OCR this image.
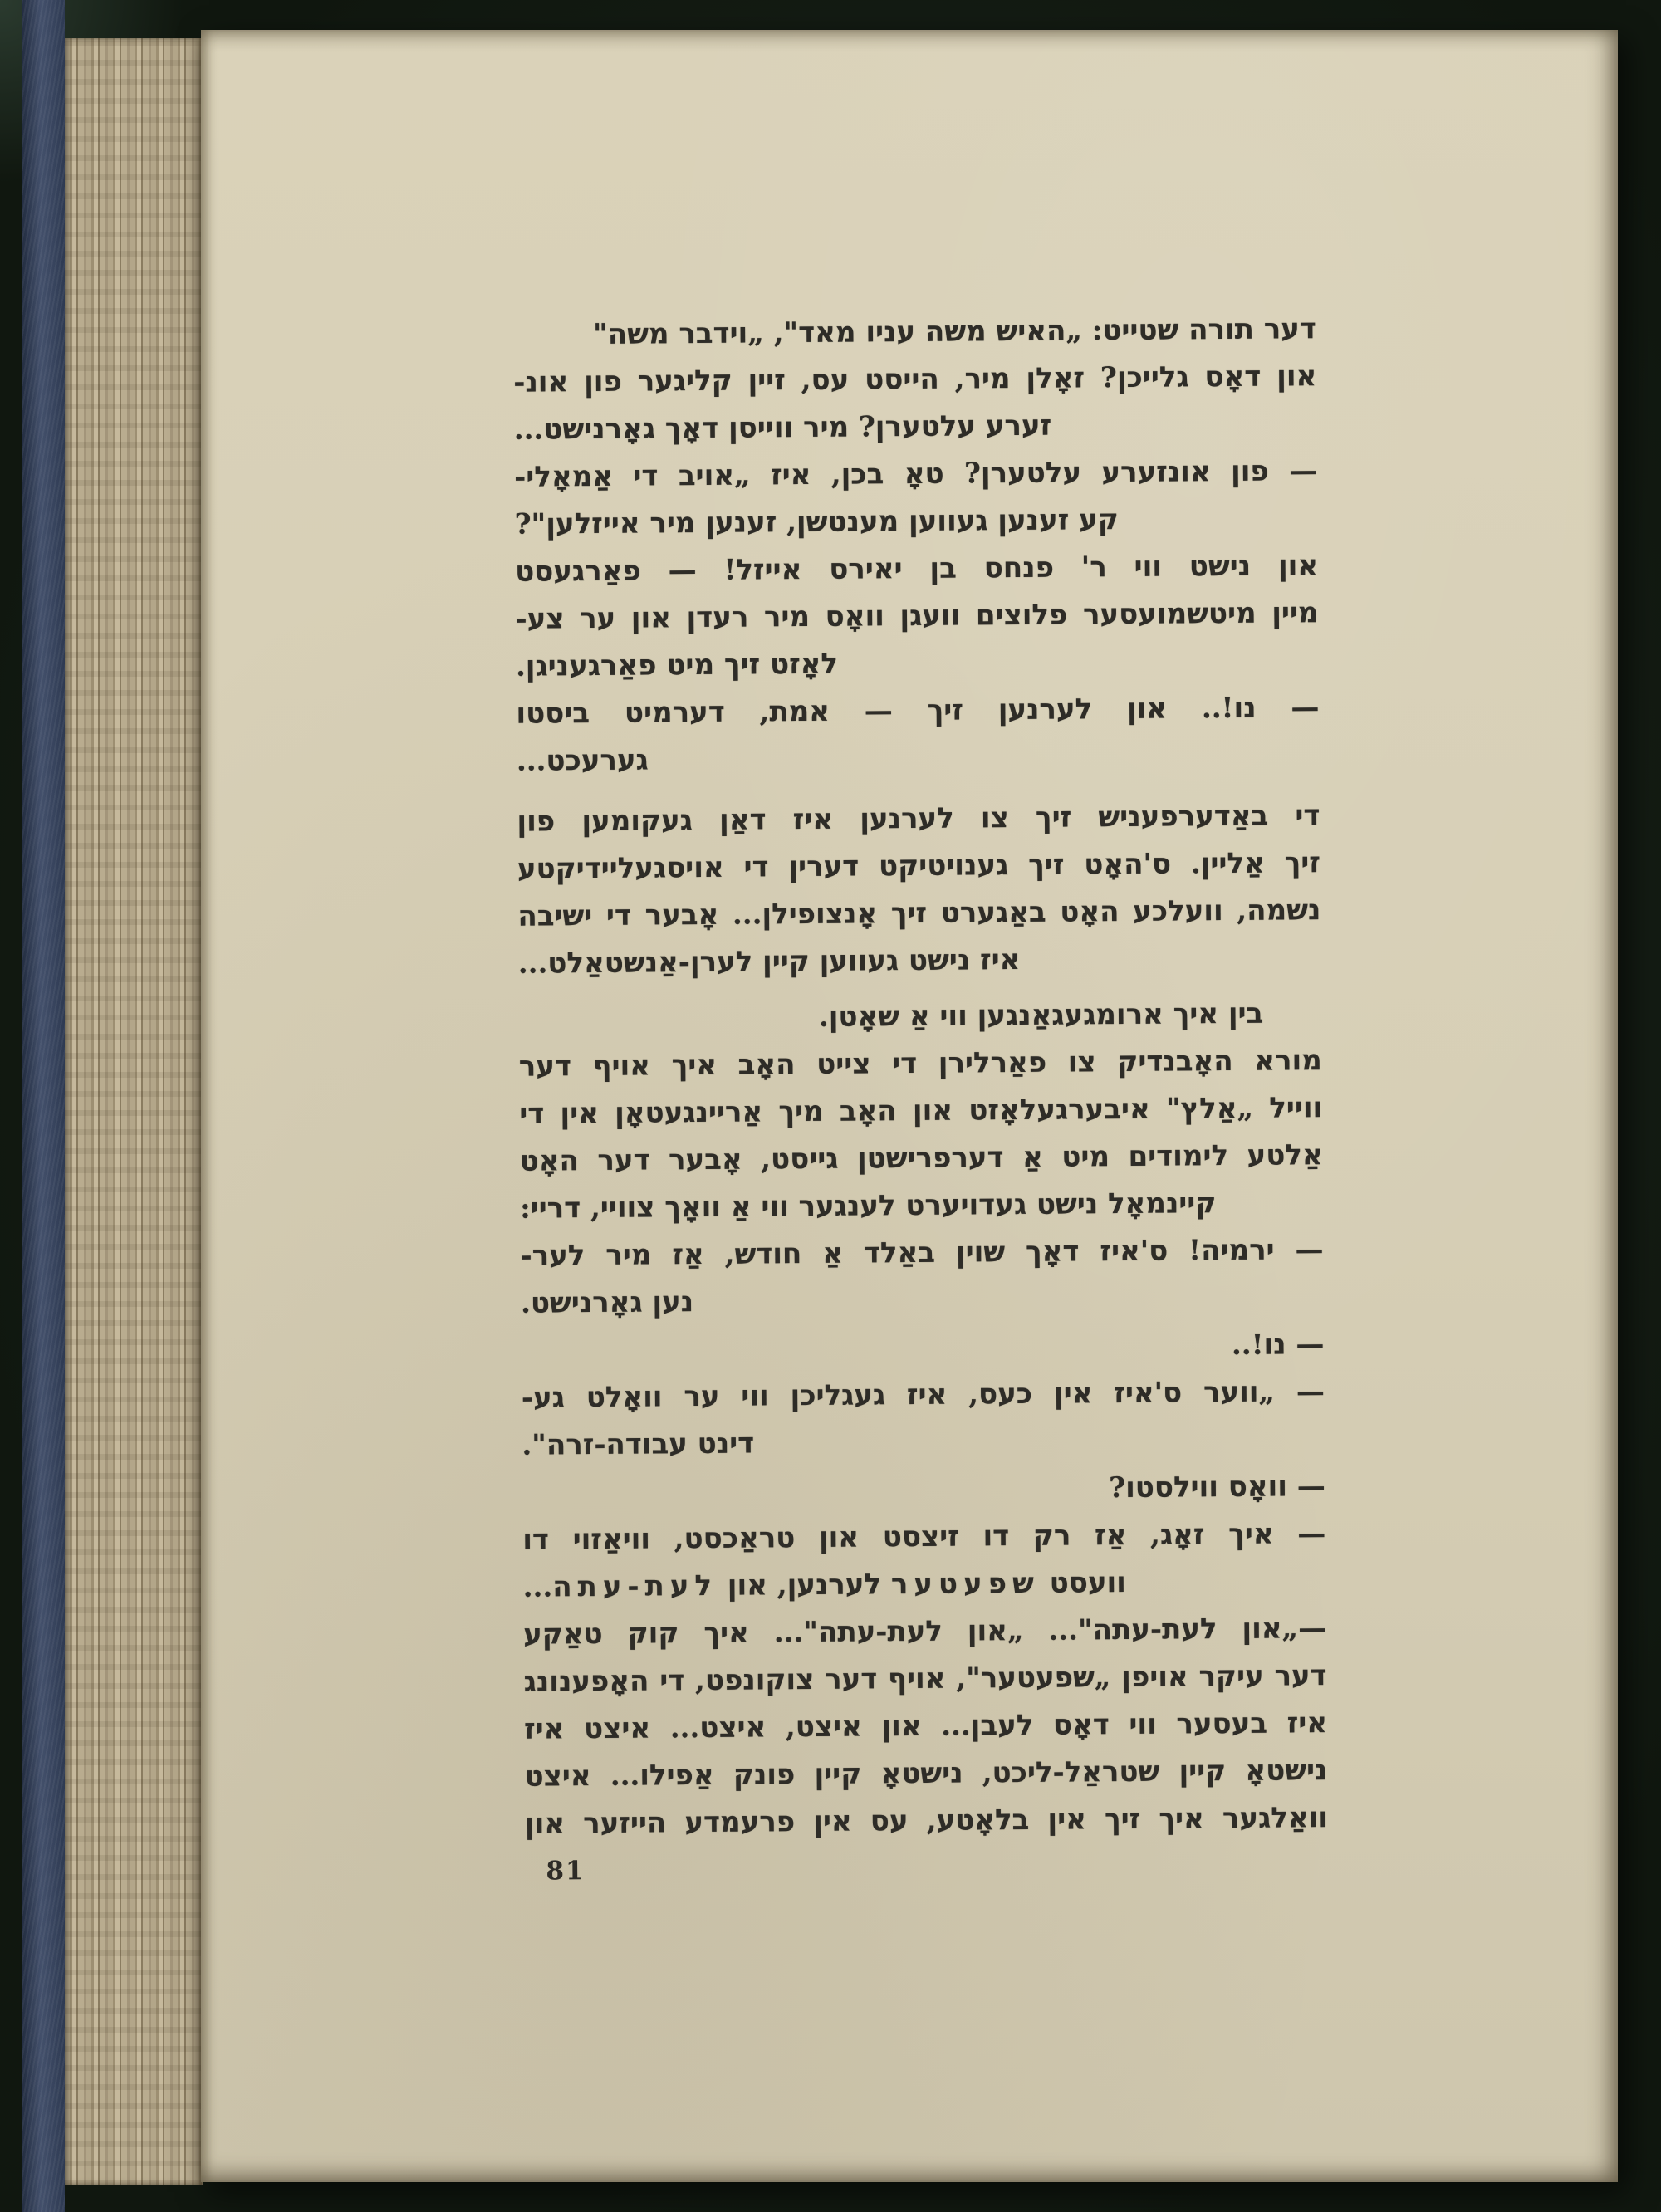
דער תורה שטייט: „האיש משה עניו מאד", „וידבר משה"
און דאָס גלייכן? זאָלן מיר, הייסט עס, זיין קליגער פון אונ-
זערע עלטערן? מיר ווייסן דאָך גאָרנישט...
— פון אונזערע עלטערן? טאָ בכן, איז „אויב די אַמאָלי-
קע זענען געווען מענטשן, זענען מיר אייזלען"?
און נישט ווי ר' פנחס בן יאירס אייזל! — פאַרגעסט
מיין מיטשמועסער פלוצים וועגן וואָס מיר רעדן און ער צע-
לאָזט זיך מיט פאַרגעניגן.
— נו!.. און לערנען זיך — אמת, דערמיט ביסטו
גערעכט...
די באַדערפעניש זיך צו לערנען איז דאַן געקומען פון
זיך אַליין. ס'האָט זיך גענויטיקט דערין די אויסגעליידיקטע
נשמה, וועלכע האָט באַגערט זיך אָנצופילן... אָבער די ישיבה
איז נישט געווען קיין לערן-אַנשטאַלט...
בין איך ארומגעגאַנגען ווי אַ שאָטן.
מורא האָבנדיק צו פאַרלירן די צייט האָב איך אויף דער
ווייל „אַלץ" איבערגעלאָזט און האָב מיך אַריינגעטאָן אין די
אַלטע לימודים מיט אַ דערפרישטן גייסט, אָבער דער האָט
קיינמאָל נישט געדויערט לענגער ווי אַ וואָך צוויי, דריי:
— ירמיה! ס'איז דאָך שוין באַלד אַ חודש, אַז מיר לער-
נען גאָרנישט.
— נו!..
— „ווער ס'איז אין כעס, איז געגליכן ווי ער וואָלט גע-
דינט עבודה-זרה".
— וואָס ווילסטו?
— איך זאָג, אַז רק דו זיצסט און טראַכסט, וויאַזוי דו
וועסט שפעטער לערנען, און לעת-עתה...
—„און לעת-עתה"... „און לעת-עתה"... איך קוק טאַקע
דער עיקר אויפן „שפעטער", אויף דער צוקונפט, די האָפענונג
איז בעסער ווי דאָס לעבן... און איצט, איצט... איצט איז
נישטאָ קיין שטראַל-ליכט, נישטאָ קיין פונק אַפילו... איצט
וואַלגער איך זיך אין בלאָטע, עס אין פרעמדע הייזער און
81
